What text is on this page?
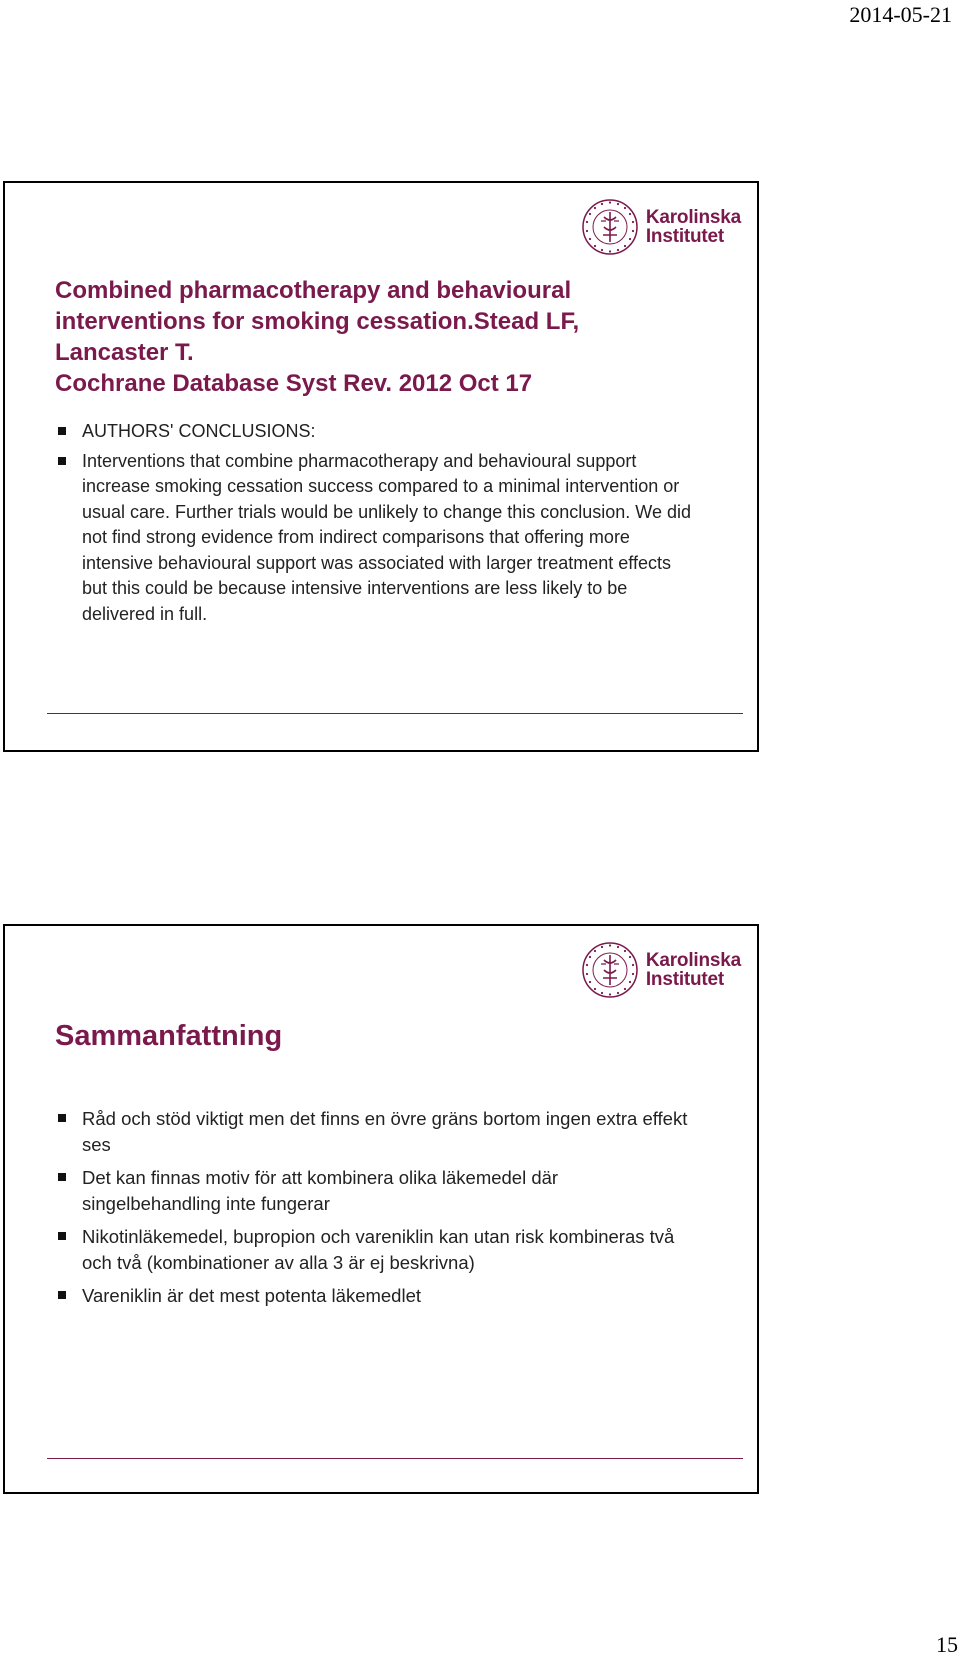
2014-05-21
Karolinska
Institutet
Combined pharmacotherapy and behavioural
interventions for smoking cessation.Stead LF,
Lancaster T.
Cochrane Database Syst Rev. 2012 Oct 17
AUTHORS' CONCLUSIONS:
Interventions that combine pharmacotherapy and behavioural support increase smoking cessation success compared to a minimal intervention or usual care. Further trials would be unlikely to change this conclusion. We did not find strong evidence from indirect comparisons that offering more intensive behavioural support was associated with larger treatment effects but this could be because intensive interventions are less likely to be delivered in full.
Karolinska
Institutet
Sammanfattning
Råd och stöd viktigt men det finns en övre gräns bortom ingen extra effekt ses
Det kan finnas motiv för att kombinera olika läkemedel där singelbehandling inte fungerar
Nikotinläkemedel, bupropion och vareniklin kan utan risk kombineras två och två (kombinationer av alla 3 är ej beskrivna)
Vareniklin är det mest potenta läkemedlet
15
